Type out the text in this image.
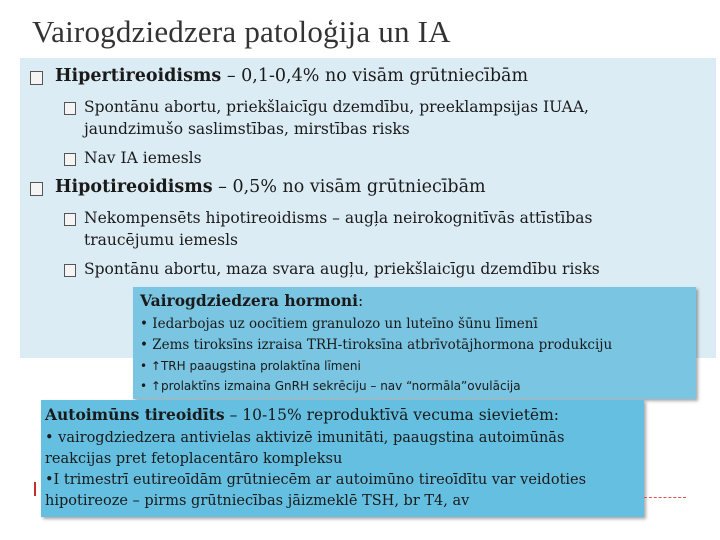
Vairogdziedzera patoloģija un IA
Hipertireoidisms – 0,1-0,4% no visām grūtniecībām
Spontānu abortu, priekšlaicīgu dzemdību, preeklampsijas IUAA,
jaundzimušo saslimstības, mirstības risks
Nav IA iemesls
Hipotireoidisms – 0,5% no visām grūtniecībām
Nekompensēts hipotireoidisms – augļa neirokognitīvās attīstības
traucējumu iemesls
Spontānu abortu, maza svara augļu, priekšlaicīgu dzemdību risks
Vairogdziedzera hormoni:
• Iedarbojas uz oocītiem granulozo un luteīno šūnu līmenī
• Zems tiroksīns izraisa TRH-tiroksīna atbrīvotājhormona produkciju
• ↑TRH paaugstina prolaktīna līmeni
• ↑prolaktīns izmaina GnRH sekrēciju – nav “normāla”ovulācija
Autoimūns tireoidīts – 10-15% reproduktīvā vecuma sievietēm:
• vairogdziedzera antivielas aktivizē imunitāti, paaugstina autoimūnās
reakcijas pret fetoplacentāro kompleksu
•I trimestrī eutireoīdām grūtniecēm ar autoimūno tireoīdītu var veidoties
hipotireoze – pirms grūtniecības jāizmeklē TSH, br T4, av
